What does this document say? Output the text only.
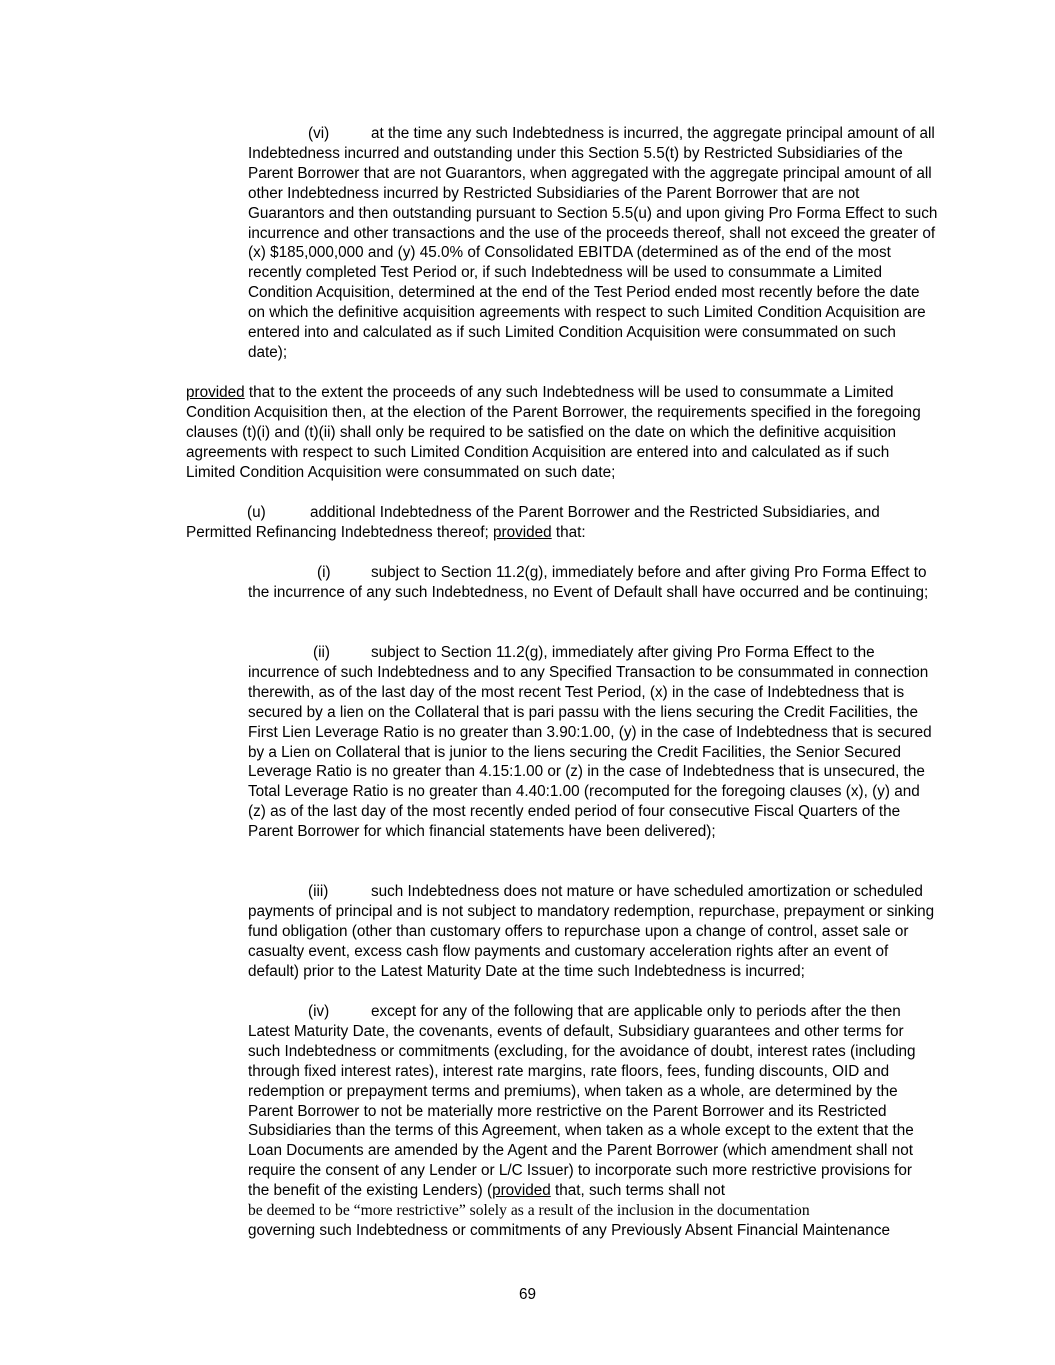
(vi)	at the time any such Indebtedness is incurred, the aggregate principal amount of all Indebtedness incurred and outstanding under this Section 5.5(t) by Restricted Subsidiaries of the Parent Borrower that are not Guarantors, when aggregated with the aggregate principal amount of all other Indebtedness incurred by Restricted Subsidiaries of the Parent Borrower that are not Guarantors and then outstanding pursuant to Section 5.5(u) and upon giving Pro Forma Effect to such incurrence and other transactions and the use of the proceeds thereof, shall not exceed the greater of (x) $185,000,000 and (y) 45.0% of Consolidated EBITDA (determined as of the end of the most recently completed Test Period or, if such Indebtedness will be used to consummate a Limited Condition Acquisition, determined at the end of the Test Period ended most recently before the date on which the definitive acquisition agreements with respect to such Limited Condition Acquisition are entered into and calculated as if such Limited Condition Acquisition were consummated on such date);

provided that to the extent the proceeds of any such Indebtedness will be used to consummate a Limited Condition Acquisition then, at the election of the Parent Borrower, the requirements specified in the foregoing clauses (t)(i) and (t)(ii) shall only be required to be satisfied on the date on which the definitive acquisition agreements with respect to such Limited Condition Acquisition are entered into and calculated as if such Limited Condition Acquisition were consummated on such date;

(u)	additional Indebtedness of the Parent Borrower and the Restricted Subsidiaries, and Permitted Refinancing Indebtedness thereof; provided that:

(i)	subject to Section 11.2(g), immediately before and after giving Pro Forma Effect to the incurrence of any such Indebtedness, no Event of Default shall have occurred and be continuing;

(ii)	subject to Section 11.2(g), immediately after giving Pro Forma Effect to the incurrence of such Indebtedness and to any Specified Transaction to be consummated in connection therewith, as of the last day of the most recent Test Period, (x) in the case of Indebtedness that is secured by a lien on the Collateral that is pari passu with the liens securing the Credit Facilities, the First Lien Leverage Ratio is no greater than 3.90:1.00, (y) in the case of Indebtedness that is secured by a Lien on Collateral that is junior to the liens securing the Credit Facilities, the Senior Secured Leverage Ratio is no greater than 4.15:1.00 or (z) in the case of Indebtedness that is unsecured, the Total Leverage Ratio is no greater than 4.40:1.00 (recomputed for the foregoing clauses (x), (y) and (z) as of the last day of the most recently ended period of four consecutive Fiscal Quarters of the Parent Borrower for which financial statements have been delivered);

(iii)	such Indebtedness does not mature or have scheduled amortization or scheduled payments of principal and is not subject to mandatory redemption, repurchase, prepayment or sinking fund obligation (other than customary offers to repurchase upon a change of control, asset sale or casualty event, excess cash flow payments and customary acceleration rights after an event of default) prior to the Latest Maturity Date at the time such Indebtedness is incurred;

(iv)	except for any of the following that are applicable only to periods after the then Latest Maturity Date, the covenants, events of default, Subsidiary guarantees and other terms for such Indebtedness or commitments (excluding, for the avoidance of doubt, interest rates (including through fixed interest rates), interest rate margins, rate floors, fees, funding discounts, OID and redemption or prepayment terms and premiums), when taken as a whole, are determined by the Parent Borrower to not be materially more restrictive on the Parent Borrower and its Restricted Subsidiaries than the terms of this Agreement, when taken as a whole except to the extent that the Loan Documents are amended by the Agent and the Parent Borrower (which amendment shall not require the consent of any Lender or L/C Issuer) to incorporate such more restrictive provisions for the benefit of the existing Lenders) (provided that, such terms shall not
be deemed to be “more restrictive” solely as a result of the inclusion in the documentation
governing such Indebtedness or commitments of any Previously Absent Financial Maintenance

69
